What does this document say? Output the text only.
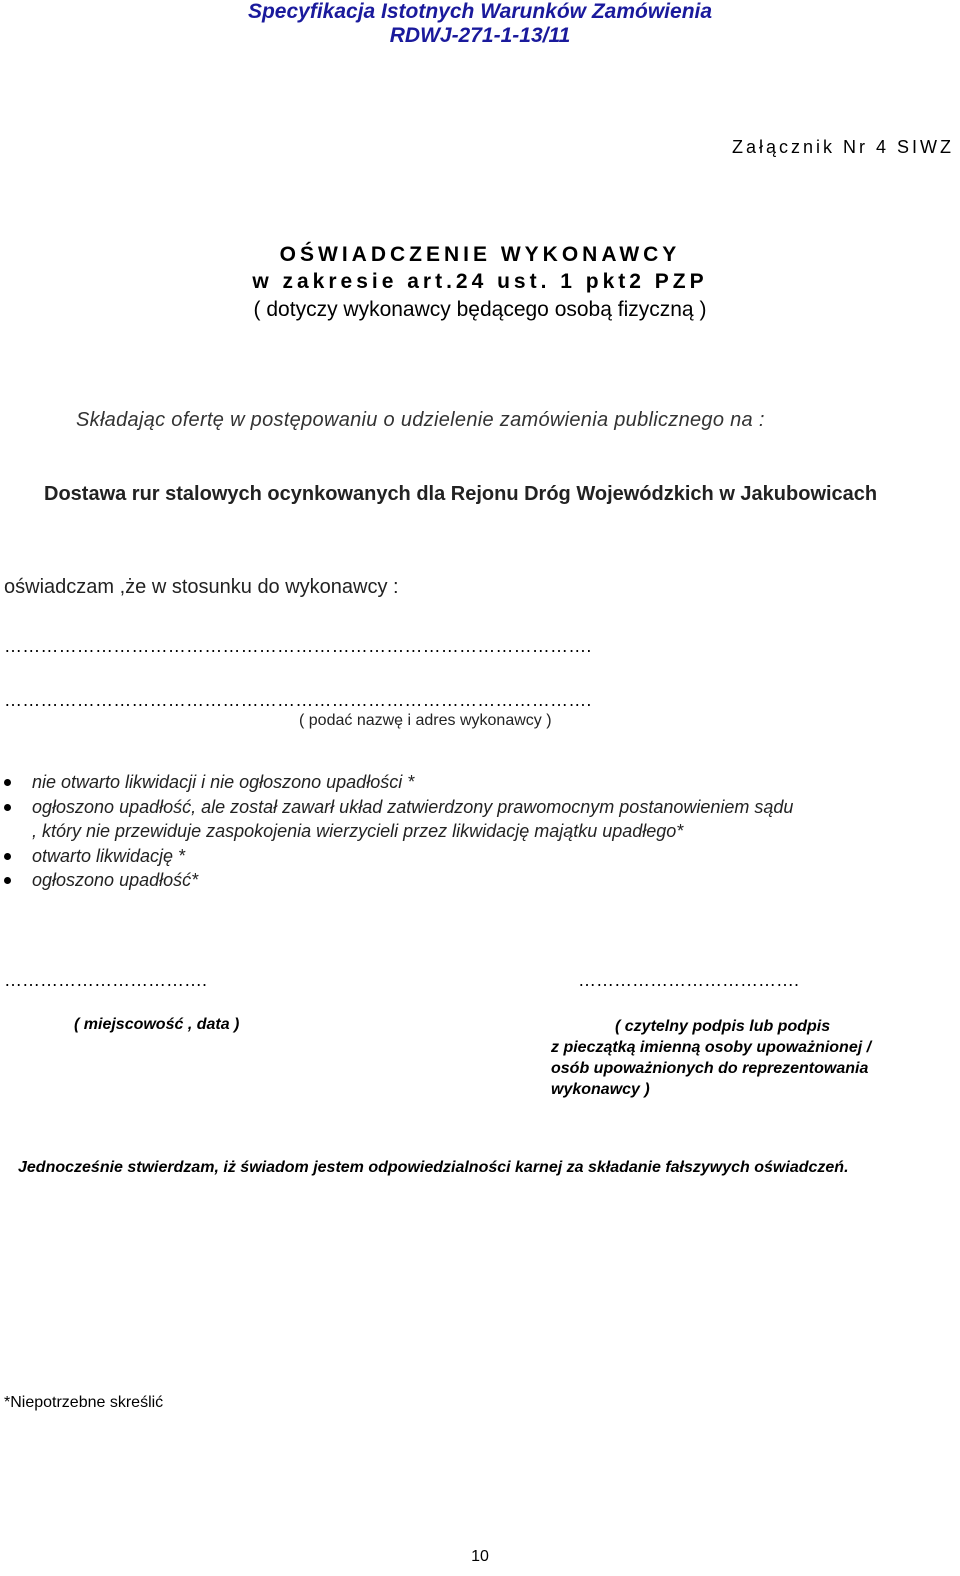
Specyfikacja Istotnych Warunków Zamówienia
RDWJ-271-1-13/11
Załącznik Nr 4 SIWZ
OŚWIADCZENIE WYKONAWCY
w zakresie art.24 ust. 1 pkt2 PZP
( dotyczy wykonawcy będącego osobą fizyczną )
Składając ofertę w postępowaniu o udzielenie zamówienia publicznego na :
Dostawa rur stalowych ocynkowanych dla Rejonu Dróg Wojewódzkich w Jakubowicach
oświadczam ,że w stosunku do wykonawcy :
…………………………………………………………………………………….
…………………………………………………………………………………….
( podać nazwę i adres wykonawcy )
nie otwarto likwidacji i nie ogłoszono upadłości *
ogłoszono upadłość, ale został zawarł układ zatwierdzony prawomocnym postanowieniem sądu
, który nie przewiduje zaspokojenia wierzycieli przez likwidację majątku upadłego*
otwarto likwidację *
ogłoszono upadłość*
…………………………….	……………………………….
( miejscowość , data )	( czytelny podpis lub podpis
z pieczątką imienną osoby upoważnionej /
osób upoważnionych do reprezentowania
wykonawcy )
Jednocześnie stwierdzam, iż świadom jestem odpowiedzialności karnej za składanie fałszywych oświadczeń.
*Niepotrzebne skreślić
10
